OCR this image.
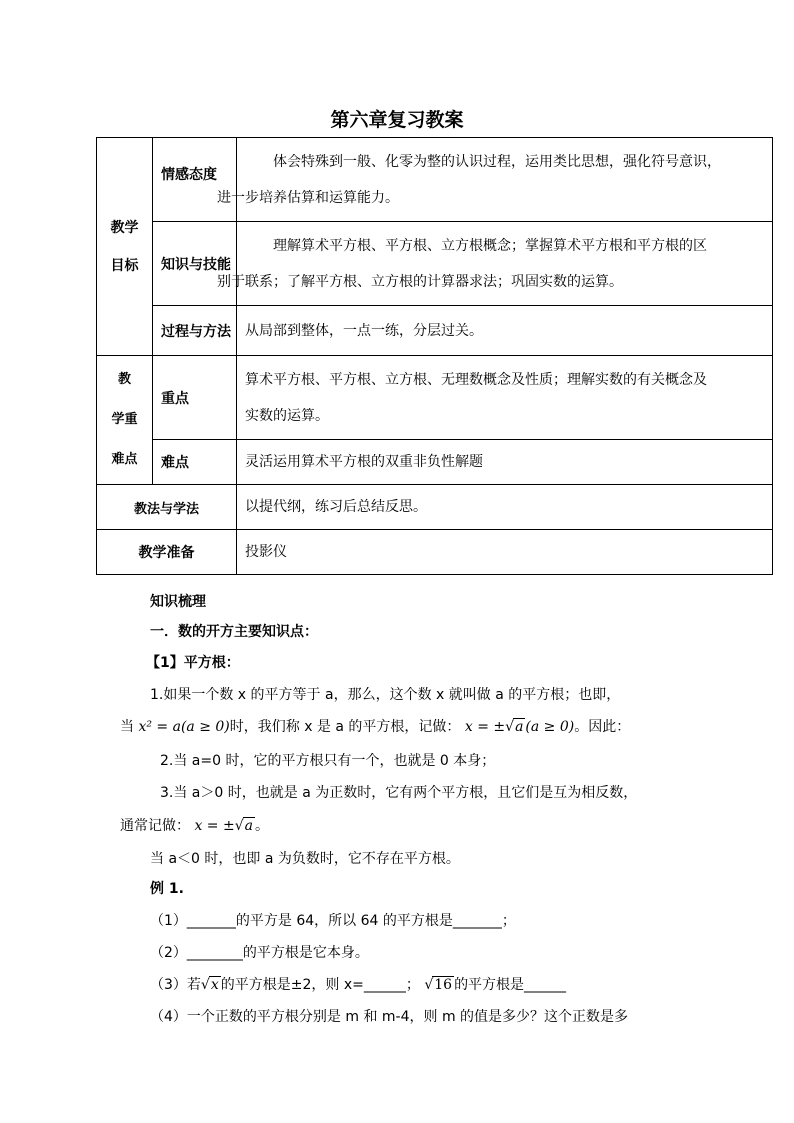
第六章复习教案
教学
目标	情感态度	体会特殊到一般、化零为整的认识过程，运用类比思想，强化符号意识，
进一步培养估算和运算能力。
	知识与技能	理解算术平方根、平方根、立方根概念；掌握算术平方根和平方根的区
别于联系；了解平方根、立方根的计算器求法；巩固实数的运算。
	过程与方法	从局部到整体，一点一练，分层过关。

教
学重
难点	重点	算术平方根、平方根、立方根、无理数概念及性质；理解实数的有关概念及
实数的运算。
	难点	灵活运用算术平方根的双重非负性解题
教法与学法		以提代纲，练习后总结反思。
教学准备		投影仪
知识梳理
一．数的开方主要知识点：
【1】平方根：
1.如果一个数 x 的平方等于 a，那么，这个数 x 就叫做 a 的平方根；也即，
当 x² = a(a ≥ 0)时，我们称 x 是 a 的平方根，记做： x = ±√a (a ≥ 0)。因此：
2.当 a=0 时，它的平方根只有一个，也就是 0 本身；
3.当 a＞0 时，也就是 a 为正数时，它有两个平方根，且它们是互为相反数，
通常记做： x = ±√a 。
当 a＜0 时，也即 a 为负数时，它不存在平方根。
例 1.
（1）_______的平方是 64，所以 64 的平方根是_______；
（2）________的平方根是它本身。
（3）若√x 的平方根是±2，则 x=______； √16 的平方根是______
（4）一个正数的平方根分别是 m 和 m-4，则 m 的值是多少？这个正数是多
